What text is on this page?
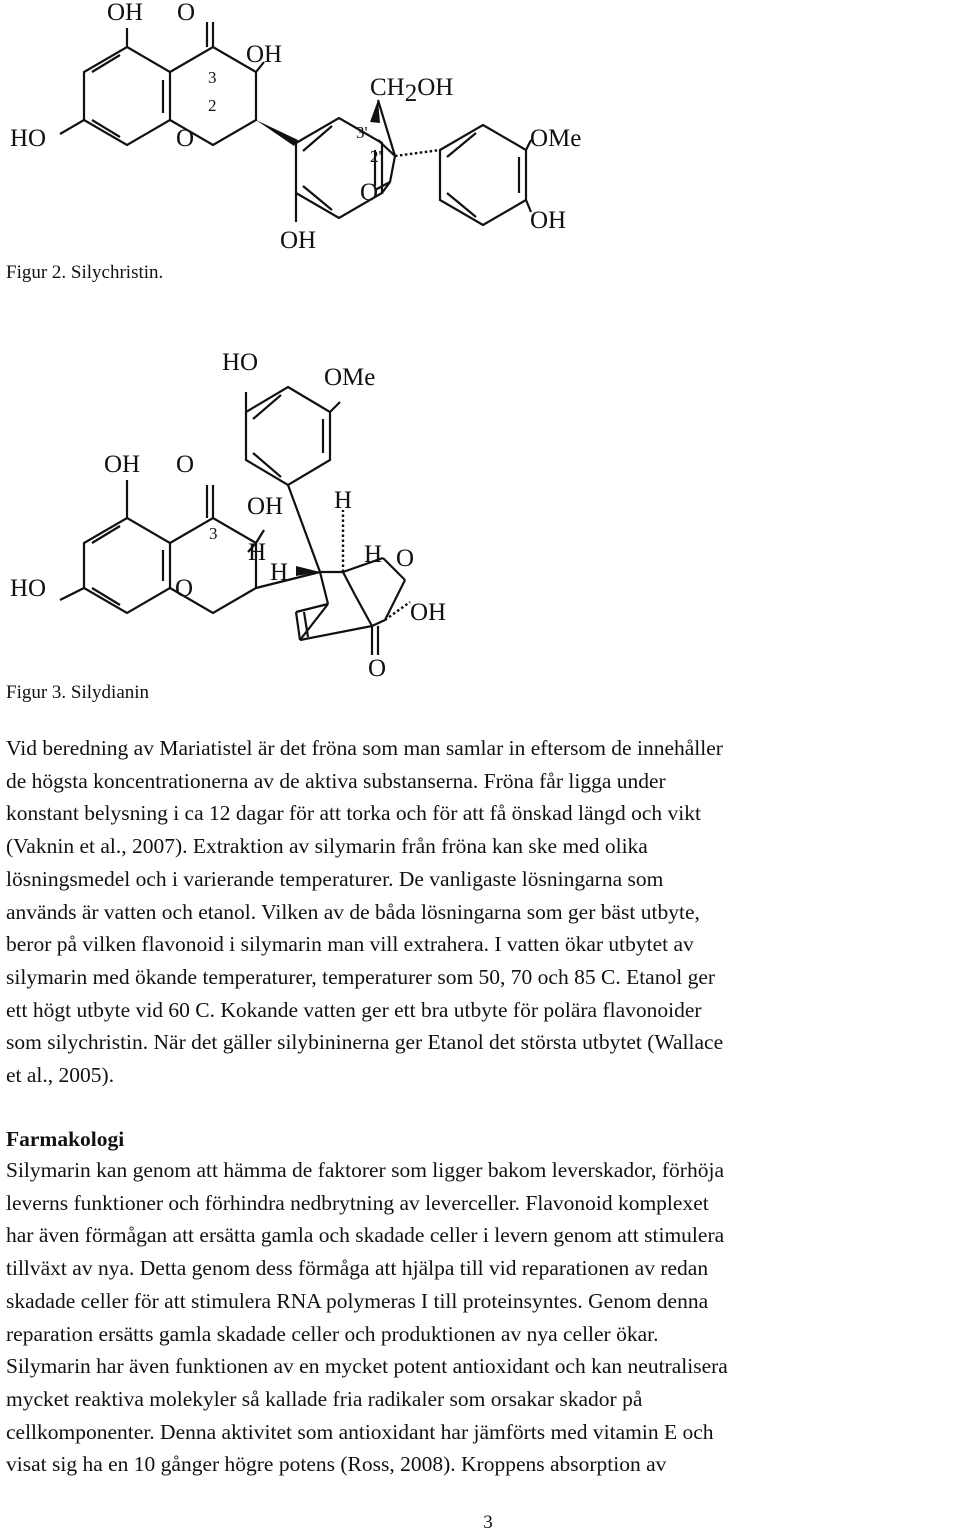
OH O
OH
3
2
HO	O
CH2OH
3'
2'
O
OH
OMe
OH
Figur 2. Silychristin.
HO
OMe
OH O
OH
3
H
H
H
H
HO	O
O
OH
O
Figur 3. Silydianin
Vid beredning av Mariatistel är det fröna som man samlar in eftersom de innehåller
de högsta koncentrationerna av de aktiva substanserna. Fröna får ligga under
konstant belysning i ca 12 dagar för att torka och för att få önskad längd och vikt
(Vaknin et al., 2007). Extraktion av silymarin från fröna kan ske med olika
lösningsmedel och i varierande temperaturer. De vanligaste lösningarna som
används är vatten och etanol. Vilken av de båda lösningarna som ger bäst utbyte,
beror på vilken flavonoid i silymarin man vill extrahera. I vatten ökar utbytet av
silymarin med ökande temperaturer, temperaturer som 50, 70 och 85 C. Etanol ger
ett högt utbyte vid 60 C. Kokande vatten ger ett bra utbyte för polära flavonoider
som silychristin. När det gäller silybininerna ger Etanol det största utbytet (Wallace
et al., 2005).
Farmakologi
Silymarin kan genom att hämma de faktorer som ligger bakom leverskador, förhöja
leverns funktioner och förhindra nedbrytning av leverceller. Flavonoid komplexet
har även förmågan att ersätta gamla och skadade celler i levern genom att stimulera
tillväxt av nya. Detta genom dess förmåga att hjälpa till vid reparationen av redan
skadade celler för att stimulera RNA polymeras I till proteinsyntes. Genom denna
reparation ersätts gamla skadade celler och produktionen av nya celler ökar.
Silymarin har även funktionen av en mycket potent antioxidant och kan neutralisera
mycket reaktiva molekyler så kallade fria radikaler som orsakar skador på
cellkomponenter. Denna aktivitet som antioxidant har jämförts med vitamin E och
visat sig ha en 10 gånger högre potens (Ross, 2008). Kroppens absorption av
3
